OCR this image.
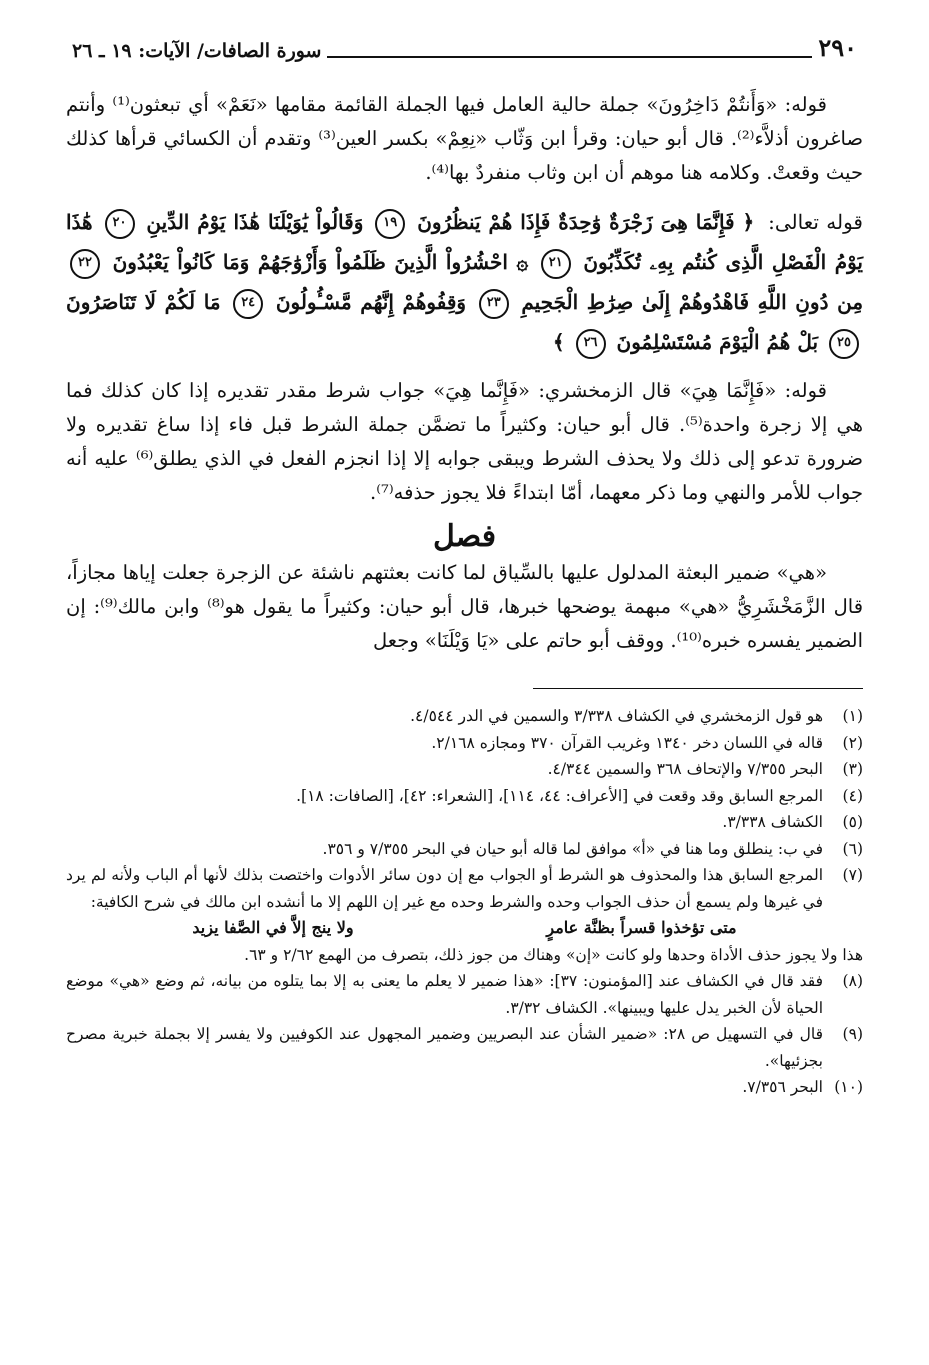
٢٩٠
سورة الصافات/ الآيات: ١٩ ـ ٢٦

قوله: «وَأَنتُمْ دَاخِرُونَ» جملة حالية العامل فيها الجملة القائمة مقامها «نَعَمْ» أي تبعثون⁽¹⁾ وأنتم صاغرون أذلاَّء⁽²⁾. قال أبو حيان: وقرأ ابن وَثّاب «نِعِمْ» بكسر العين⁽³⁾ وتقدم أن الكسائي قرأها كذلك حيث وقعتْ. وكلامه هنا موهم أن ابن وثاب منفردٌ بها⁽⁴⁾.

قوله تعالى: ﴿ فَإِنَّمَا هِىَ زَجْرَةٌ وَٰحِدَةٌ فَإِذَا هُمْ يَنظُرُونَ ١٩ وَقَالُواْ يَٰوَيْلَنَا هَٰذَا يَوْمُ الدِّينِ ٢٠ هَٰذَا يَوْمُ الْفَصْلِ الَّذِى كُنتُم بِهِۦ تُكَذِّبُونَ ٢١ ۞ احْشُرُواْ الَّذِينَ ظَلَمُواْ وَأَزْوَٰجَهُمْ وَمَا كَانُواْ يَعْبُدُونَ ٢٢ مِن دُونِ اللَّهِ فَاهْدُوهُمْ إِلَىٰ صِرَٰطِ الْجَحِيمِ ٢٣ وَقِفُوهُمْ إِنَّهُم مَّسْـُٔولُونَ ٢٤ مَا لَكُمْ لَا تَنَاصَرُونَ ٢٥ بَلْ هُمُ الْيَوْمَ مُسْتَسْلِمُونَ ٢٦ ﴾

قوله: «فَإِنَّمَا هِيَ» قال الزمخشري: «فَإِنَّما هِيَ» جواب شرط مقدر تقديره إذا كان كذلك فما هي إلا زجرة واحدة⁽⁵⁾. قال أبو حيان: وكثيراً ما تضمَّن جملة الشرط قبل فاء إذا ساغ تقديره ولا ضرورة تدعو إلى ذلك ولا يحذف الشرط ويبقى جوابه إلا إذا انجزم الفعل في الذي يطلق⁽⁶⁾ عليه أنه جواب للأمر والنهي وما ذكر معهما، أمّا ابتداءً فلا يجوز حذفه⁽⁷⁾.

فصل

«هي» ضمير البعثة المدلول عليها بالسِّياق لما كانت بعثتهم ناشئة عن الزجرة جعلت إياها مجازاً، قال الزَّمَخْشَرِيُّ «هي» مبهمة يوضحها خبرها، قال أبو حيان: وكثيراً ما يقول هو⁽⁸⁾ وابن مالك⁽⁹⁾: إن الضمير يفسره خبره⁽¹⁰⁾. ووقف أبو حاتم على «يَا وَيْلَنَا» وجعل

(١)
هو قول الزمخشري في الكشاف ٣/٣٣٨ والسمين في الدر ٤/٥٤٤.
(٢)
قاله في اللسان دخر ١٣٤٠ وغريب القرآن ٣٧٠ ومجازه ٢/١٦٨.
(٣)
البحر ٧/٣٥٥ والإتحاف ٣٦٨ والسمين ٤/٣٤٤.
(٤)
المرجع السابق وقد وقعت في [الأعراف: ٤٤، ١١٤]، [الشعراء: ٤٢]، [الصافات: ١٨].
(٥)
الكشاف ٣/٣٣٨.
(٦)
في ب: ينطلق وما هنا في «أ» موافق لما قاله أبو حيان في البحر ٧/٣٥٥ و ٣٥٦.
(٧)
المرجع السابق هذا والمحذوف هو الشرط أو الجواب مع إن دون سائر الأدوات واختصت بذلك لأنها أم الباب ولأنه لم يرد في غيرها ولم يسمع أن حذف الجواب وحده والشرط وحده مع غير إن اللهم إلا ما أنشده ابن مالك في شرح الكافية:
متى تؤخذوا قسراً بظنَّة عامرٍ
ولا ينج إلاَّ في الصَّفا يزيد
هذا ولا يجوز حذف الأداة وحدها ولو كانت «إن» وهناك من جوز ذلك، بتصرف من الهمع ٢/٦٢ و ٦٣.
(٨)
فقد قال في الكشاف عند [المؤمنون: ٣٧]: «هذا ضمير لا يعلم ما يعنى به إلا بما يتلوه من بيانه، ثم وضع «هي» موضع الحياة لأن الخبر يدل عليها ويبينها». الكشاف ٣/٣٢.
(٩)
قال في التسهيل ص ٢٨: «ضمير الشأن عند البصريين وضمير المجهول عند الكوفيين ولا يفسر إلا بجملة خبرية مصرح بجزئيها».
(١٠)
البحر ٧/٣٥٦.
